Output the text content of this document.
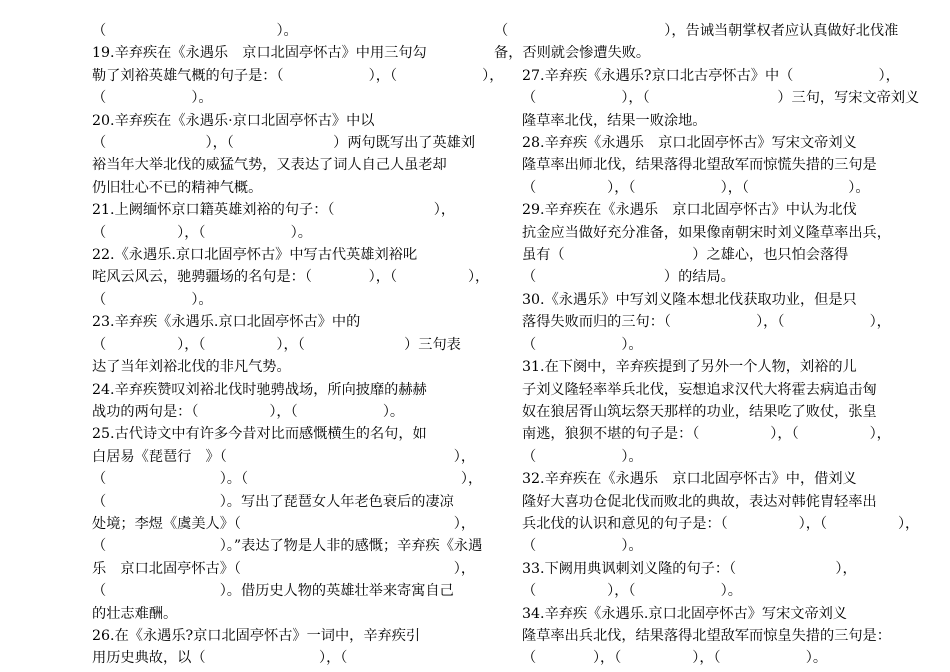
（　　　　　　　　　　　　）。

19.辛弃疾在《永遇乐　京口北固亭怀古》中用三句勾
勒了刘裕英雄气概的句子是：（　　　　　　），（　　　　　　），
（　　　　　　）。

20.辛弃疾在《永遇乐·京口北固亭怀古》中以
（　　　　　　　），（　　　　　　　）两句既写出了英雄刘
裕当年大举北伐的威猛气势，又表达了词人自己人虽老却
仍旧壮心不已的精神气概。

21.上阙缅怀京口籍英雄刘裕的句子：（　　　　　　　），
（　　　　　），（　　　　　　）。

22.《永遇乐.京口北固亭怀古》中写古代英雄刘裕叱
咤风云风云，驰骋疆场的名句是：（　　　　），（　　　　　），
（　　　　　　）。

23.辛弃疾《永遇乐.京口北固亭怀古》中的
（　　　　　），（　　　　　），（　　　　　　　）三句表
达了当年刘裕北伐的非凡气势。

24.辛弃疾赞叹刘裕北伐时驰骋战场，所向披靡的赫赫
战功的两句是：（　　　　　），（　　　　　　）。

25.古代诗文中有许多今昔对比而感慨横生的名句，如
白居易《琵琶行　》（　　　　　　　　　　　　　　　　），
（　　　　　　　　）。（　　　　　　　　　　　　　　　），
（　　　　　　　　）。写出了琵琶女人年老色衰后的凄凉
处境；李煜《虞美人》（　　　　　　　　　　　　　　　），
（　　　　　　　　）。”表达了物是人非的感慨；辛弃疾《永遇
乐　京口北固亭怀古》（　　　　　　　　　　　　　　　），
（　　　　　　　　）。借历史人物的英雄壮举来寄寓自己
的壮志难酬。

26.在《永遇乐?京口北固亭怀古》一词中，辛弃疾引
用历史典故，以（　　　　　　　　），（　　　　　　　　

（　　　　　　　　　　　），告诫当朝掌权者应认真做好北伐准
备，否则就会惨遭失败。

27.辛弃疾《永遇乐?京口北古亭怀古》中（　　　　　　），
（　　　　　　），（　　　　　　　　　）三句，写宋文帝刘义
隆草率北伐，结果一败涂地。

28.辛弃疾《永遇乐　京口北固亭怀古》写宋文帝刘义
隆草率出师北伐，结果落得北望敌军而惊慌失措的三句是
（　　　　　），（　　　　　　），（　　　　　　　）。

29.辛弃疾在《永遇乐　京口北固亭怀古》中认为北伐
抗金应当做好充分准备，如果像南朝宋时刘义隆草率出兵，
虽有（　　　　　　　　　）之雄心，也只怕会落得
（　　　　　　　　　）的结局。

30.《永遇乐》中写刘义隆本想北伐获取功业，但是只
落得失败而归的三句：（　　　　　　），（　　　　　　），
（　　　　　　）。

31.在下阕中，辛弃疾提到了另外一个人物，刘裕的儿
子刘义隆轻率举兵北伐，妄想追求汉代大将霍去病追击匈
奴在狼居胥山筑坛祭天那样的功业，结果吃了败仗，张皇
南逃，狼狈不堪的句子是：（　　　　　），（　　　　　），
（　　　　　　）。

32.辛弃疾在《永遇乐　京口北固亭怀古》中，借刘义
隆好大喜功仓促北伐而败北的典故，表达对韩侂胄轻率出
兵北伐的认识和意见的句子是：（　　　　　），（　　　　　），
（　　　　　　）。

33.下阙用典讽刺刘义隆的句子：（　　　　　　　），
（　　　　　），（　　　　　　）。

34.辛弃疾《永遇乐.京口北固亭怀古》写宋文帝刘义
隆草率出兵北伐，结果落得北望敌军而惊皇失措的三句是：
（　　　　），（　　　　　），（　　　　　　）。
